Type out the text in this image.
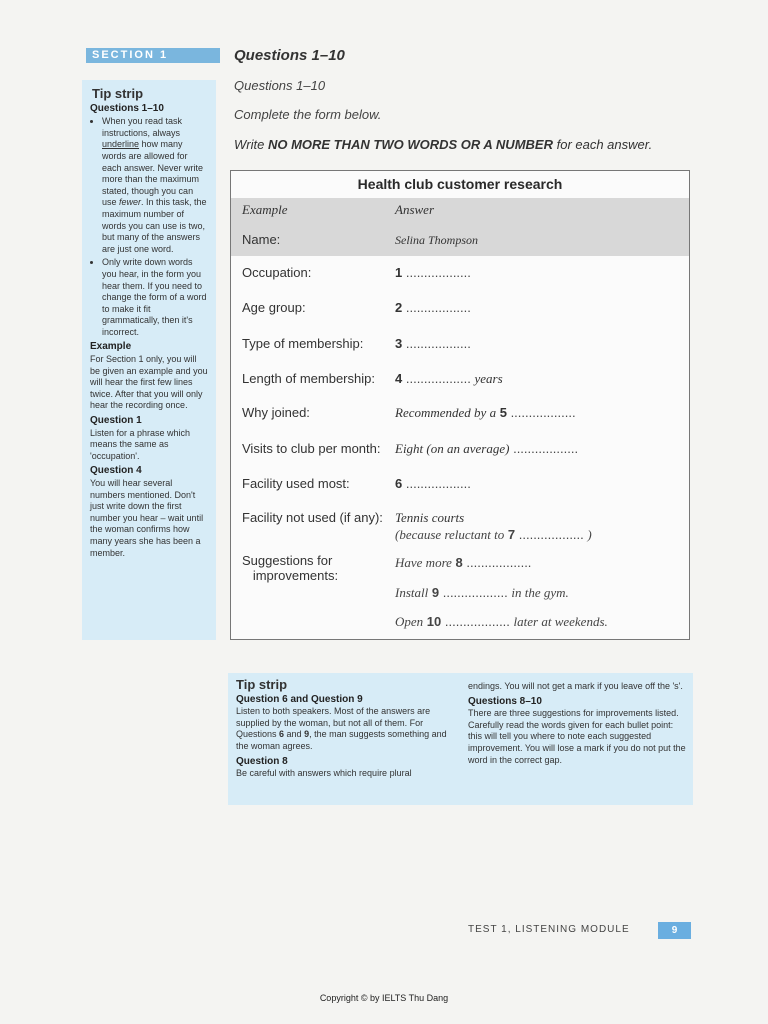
SECTION 1
Tip strip
Questions 1–10
• When you read task instructions, always underline how many words are allowed for each answer. Never write more than the maximum stated, though you can use fewer. In this task, the maximum number of words you can use is two, but many of the answers are just one word.
• Only write down words you hear, in the form you hear them. If you need to change the form of a word to make it fit grammatically, then it's incorrect.
Example

For Section 1 only, you will be given an example and you will hear the first few lines twice. After that you will only hear the recording once.

Question 1

Listen for a phrase which means the same as 'occupation'.

Question 4

You will hear several numbers mentioned. Don't just write down the first number you hear – wait until the woman confirms how many years she has been a member.

Questions 1–10
Questions 1–10
Complete the form below.
Write NO MORE THAN TWO WORDS OR A NUMBER for each answer.
Health club customer research
Example	Answer
Name:	Selina Thompson
Occupation:	1 ..................
Age group:	2 ..................
Type of membership: 3 ..................
Length of membership: 4 .................. years
Why joined:	Recommended by a 5 ..................
Visits to club per month: Eight (on an average) ..................
Facility used most:	6 ..................
Facility not used (if any): Tennis courts
(because reluctant to 7 .................. )
Suggestions for
improvements:
Have more 8 ..................
Install 9 .................. in the gym.
Open 10 .................. later at weekends.
Tip strip
Question 6 and Question 9

Listen to both speakers. Most of the answers are supplied by the woman, but not all of them. For Questions 6 and 9, the man suggests something and the woman agrees.

Question 8

Be careful with answers which require plural

endings. You will not get a mark if you leave off the 's'.

Questions 8–10

There are three suggestions for improvements listed. Carefully read the words given for each bullet point: this will tell you where to note each suggested improvement. You will lose a mark if you do not put the word in the correct gap.

TEST 1, LISTENING MODULE	9
Copyright © by IELTS Thu Dang
